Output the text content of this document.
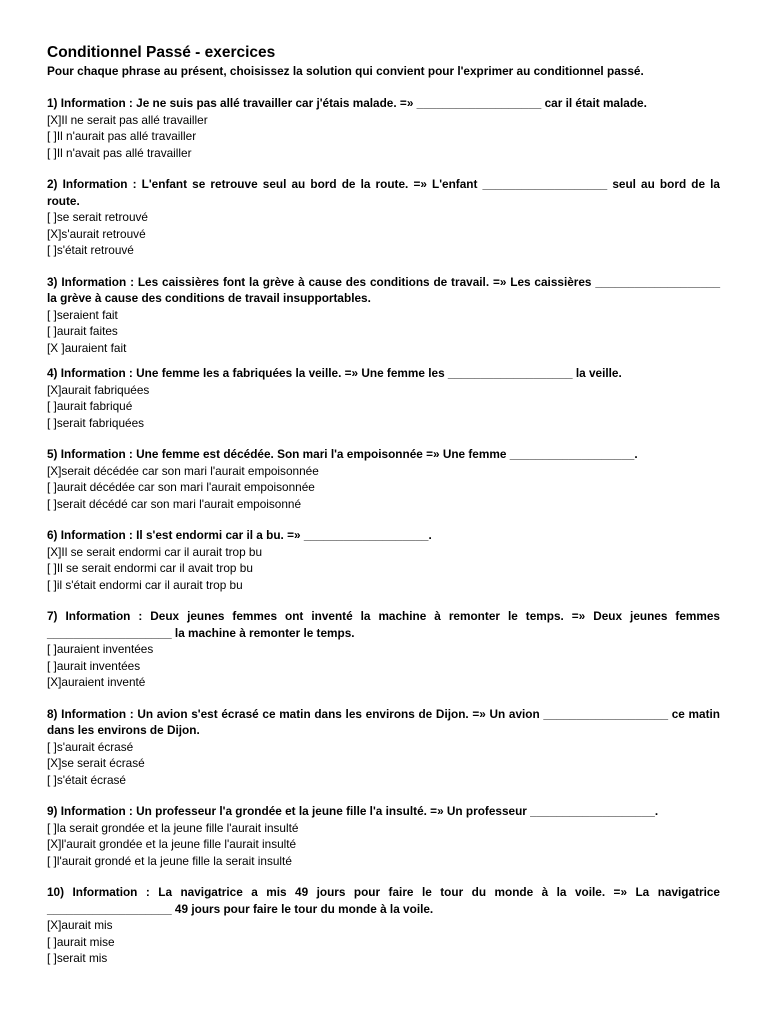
Conditionnel Passé - exercices

Pour chaque phrase au présent, choisissez la solution qui convient pour l'exprimer au conditionnel passé.

1) Information : Je ne suis pas allé travailler car j'étais malade. =» ___________________ car il était malade.

[X]Il ne serait pas allé travailler

[ ]Il n'aurait pas allé travailler

[ ]Il n'avait pas allé travailler

2) Information : L'enfant se retrouve seul au bord de la route. =» L'enfant ___________________ seul au bord de la route.

[ ]se serait retrouvé

[X]s'aurait retrouvé

[ ]s'était retrouvé

3) Information : Les caissières font la grève à cause des conditions de travail. =» Les caissières ___________________ la grève à cause des conditions de travail insupportables.

[ ]seraient fait

[ ]aurait faites

[X ]auraient fait

4) Information : Une femme les a fabriquées la veille. =» Une femme les ___________________ la veille.

[X]aurait fabriquées

[ ]aurait fabriqué

[ ]serait fabriquées

5) Information : Une femme est décédée. Son mari l'a empoisonnée =» Une femme ___________________.

[X]serait décédée car son mari l'aurait empoisonnée

[ ]aurait décédée car son mari l'aurait empoisonnée

[ ]serait décédé car son mari l'aurait empoisonné

6) Information : Il s'est endormi car il a bu. =» ___________________.

[X]Il se serait endormi car il aurait trop bu

[ ]Il se serait endormi car il avait trop bu

[ ]il s'était endormi car il aurait trop bu

7) Information : Deux jeunes femmes ont inventé la machine à remonter le temps. =» Deux jeunes femmes ___________________ la machine à remonter le temps.

[ ]auraient inventées

[ ]aurait inventées

[X]auraient inventé

8) Information : Un avion s'est écrasé ce matin dans les environs de Dijon. =» Un avion ___________________ ce matin dans les environs de Dijon.

[ ]s'aurait écrasé

[X]se serait écrasé

[ ]s'était écrasé

9) Information : Un professeur l'a grondée et la jeune fille l'a insulté. =» Un professeur ___________________.

[ ]la serait grondée et la jeune fille l'aurait insulté

[X]l'aurait grondée et la jeune fille l'aurait insulté

[ ]l'aurait grondé et la jeune fille la serait insulté

10) Information : La navigatrice a mis 49 jours pour faire le tour du monde à la voile. =» La navigatrice ___________________ 49 jours pour faire le tour du monde à la voile.

[X]aurait mis

[ ]aurait mise

[ ]serait mis
